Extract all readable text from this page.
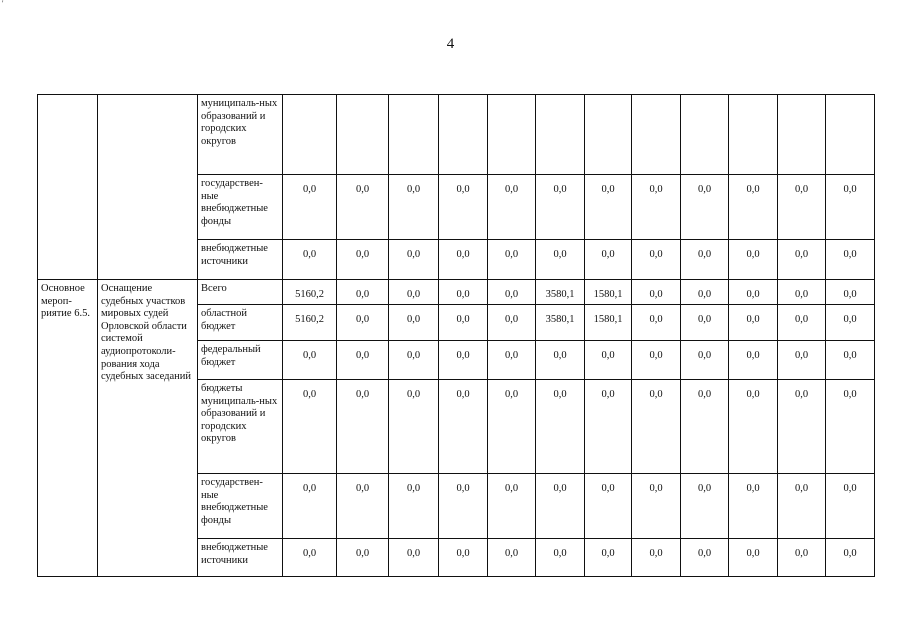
'
4
		муниципаль-ных образований и городских округов												
		государствен-ные внебюджетные фонды	0,0	0,0	0,0	0,0	0,0	0,0	0,0	0,0	0,0	0,0	0,0	0,0
		внебюджетные источники	0,0	0,0	0,0	0,0	0,0	0,0	0,0	0,0	0,0	0,0	0,0	0,0
Основное мероп-риятие 6.5.	Оснащение судебных участков мировых судей Орловской области системой аудиопротоколи-рования хода судебных заседаний	Всего	5160,2	0,0	0,0	0,0	0,0	3580,1	1580,1	0,0	0,0	0,0	0,0	0,0
		областной бюджет	5160,2	0,0	0,0	0,0	0,0	3580,1	1580,1	0,0	0,0	0,0	0,0	0,0
		федеральный бюджет	0,0	0,0	0,0	0,0	0,0	0,0	0,0	0,0	0,0	0,0	0,0	0,0
		бюджеты муниципаль-ных образований и городских округов	0,0	0,0	0,0	0,0	0,0	0,0	0,0	0,0	0,0	0,0	0,0	0,0
		государствен-ные внебюджетные фонды	0,0	0,0	0,0	0,0	0,0	0,0	0,0	0,0	0,0	0,0	0,0	0,0
		внебюджетные источники	0,0	0,0	0,0	0,0	0,0	0,0	0,0	0,0	0,0	0,0	0,0	0,0
